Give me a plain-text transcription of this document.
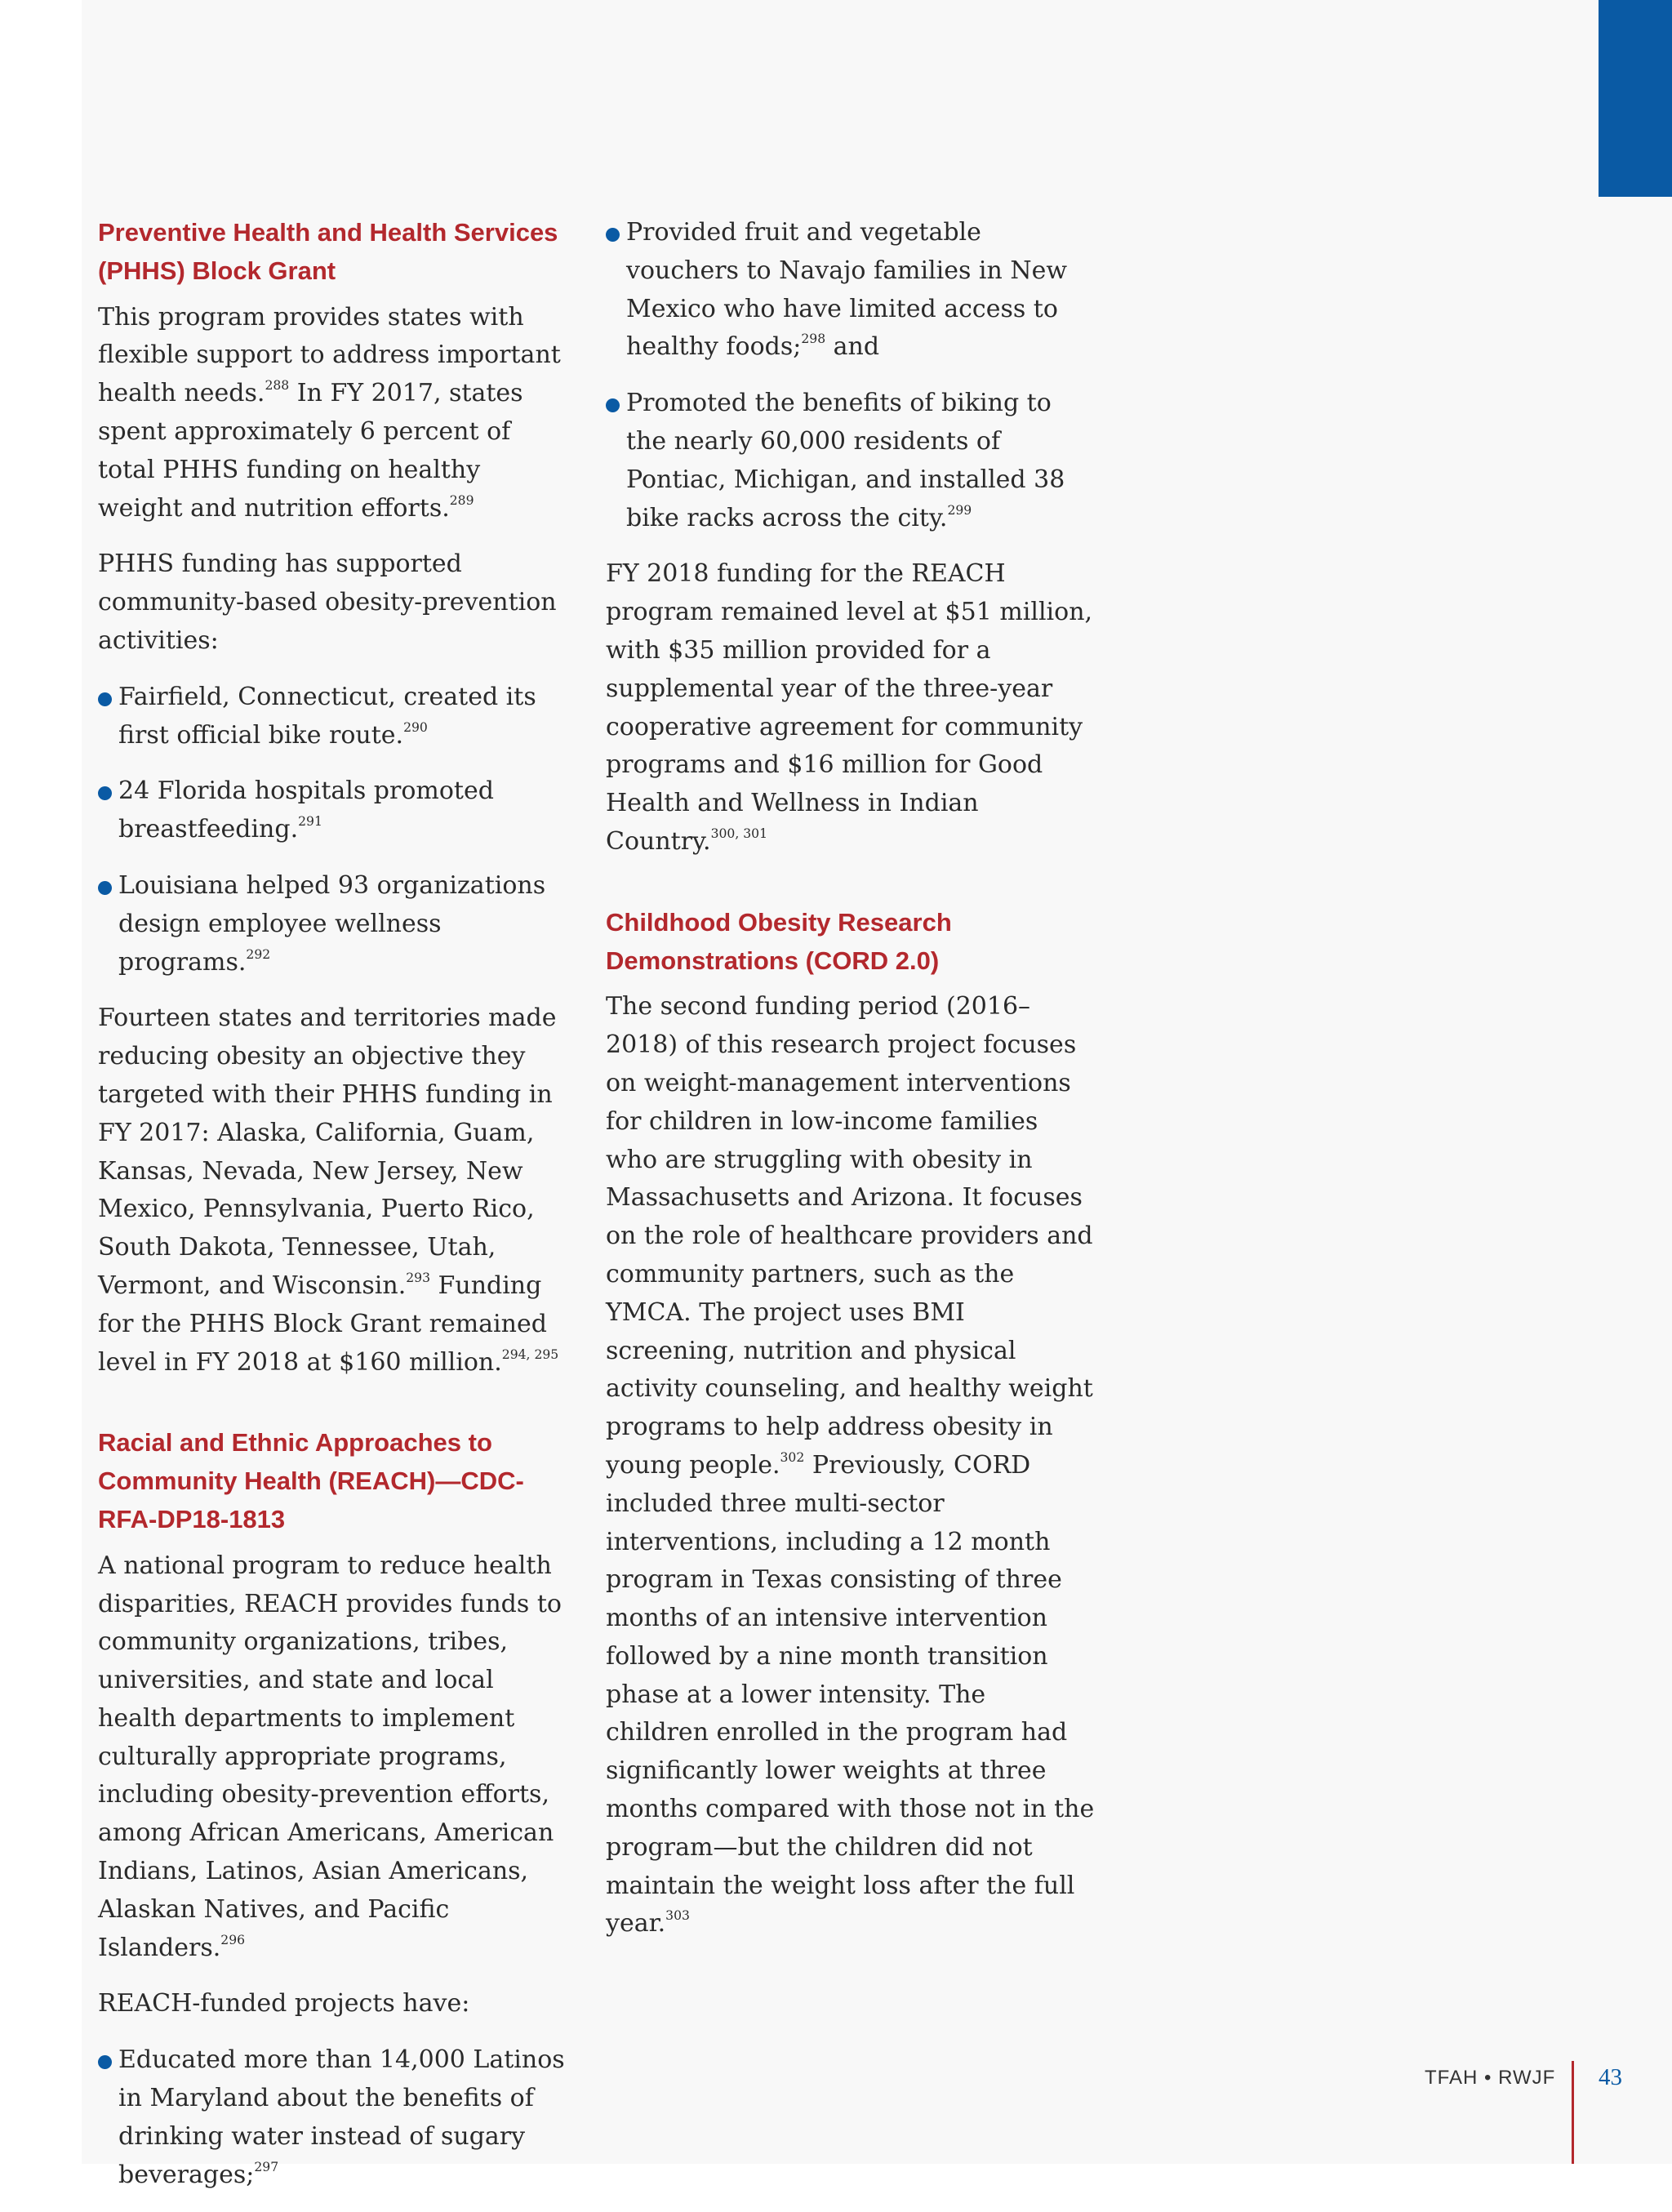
Preventive Health and Health Services (PHHS) Block Grant

This program provides states with flexible support to address important health needs.$^{288}$ In FY 2017, states spent approximately 6 percent of total PHHS funding on healthy weight and nutrition efforts.$^{289}$

PHHS funding has supported community-based obesity-prevention activities:

Fairfield, Connecticut, created its first official bike route.$^{290}$
24 Florida hospitals promoted breastfeeding.$^{291}$
Louisiana helped 93 organizations design employee wellness programs.$^{292}$

Fourteen states and territories made reducing obesity an objective they targeted with their PHHS funding in FY 2017: Alaska, California, Guam, Kansas, Nevada, New Jersey, New Mexico, Pennsylvania, Puerto Rico, South Dakota, Tennessee, Utah, Vermont, and Wisconsin.$^{293}$ Funding for the PHHS Block Grant remained level in FY 2018 at $160 million.$^{294, 295}$

Racial and Ethnic Approaches to Community Health (REACH)—CDC-RFA-DP18-1813

A national program to reduce health disparities, REACH provides funds to community organizations, tribes, universities, and state and local health departments to implement culturally appropriate programs, including obesity-prevention efforts, among African Americans, American Indians, Latinos, Asian Americans, Alaskan Natives, and Pacific Islanders.$^{296}$

REACH-funded projects have:

Educated more than 14,000 Latinos in Maryland about the benefits of drinking water instead of sugary beverages;$^{297}$
Provided fruit and vegetable vouchers to Navajo families in New Mexico who have limited access to healthy foods;$^{298}$ and
Promoted the benefits of biking to the nearly 60,000 residents of Pontiac, Michigan, and installed 38 bike racks across the city.$^{299}$

FY 2018 funding for the REACH program remained level at $51 million, with $35 million provided for a supplemental year of the three-year cooperative agreement for community programs and $16 million for Good Health and Wellness in Indian Country.$^{300, 301}$

Childhood Obesity Research Demonstrations (CORD 2.0)

The second funding period (2016–2018) of this research project focuses on weight-management interventions for children in low-income families who are struggling with obesity in Massachusetts and Arizona. It focuses on the role of healthcare providers and community partners, such as the YMCA. The project uses BMI screening, nutrition and physical activity counseling, and healthy weight programs to help address obesity in young people.$^{302}$ Previously, CORD included three multi-sector interventions, including a 12 month program in Texas consisting of three months of an intensive intervention followed by a nine month transition phase at a lower intensity. The children enrolled in the program had significantly lower weights at three months compared with those not in the program—but the children did not maintain the weight loss after the full year.$^{303}$

TFAH • RWJF 43
